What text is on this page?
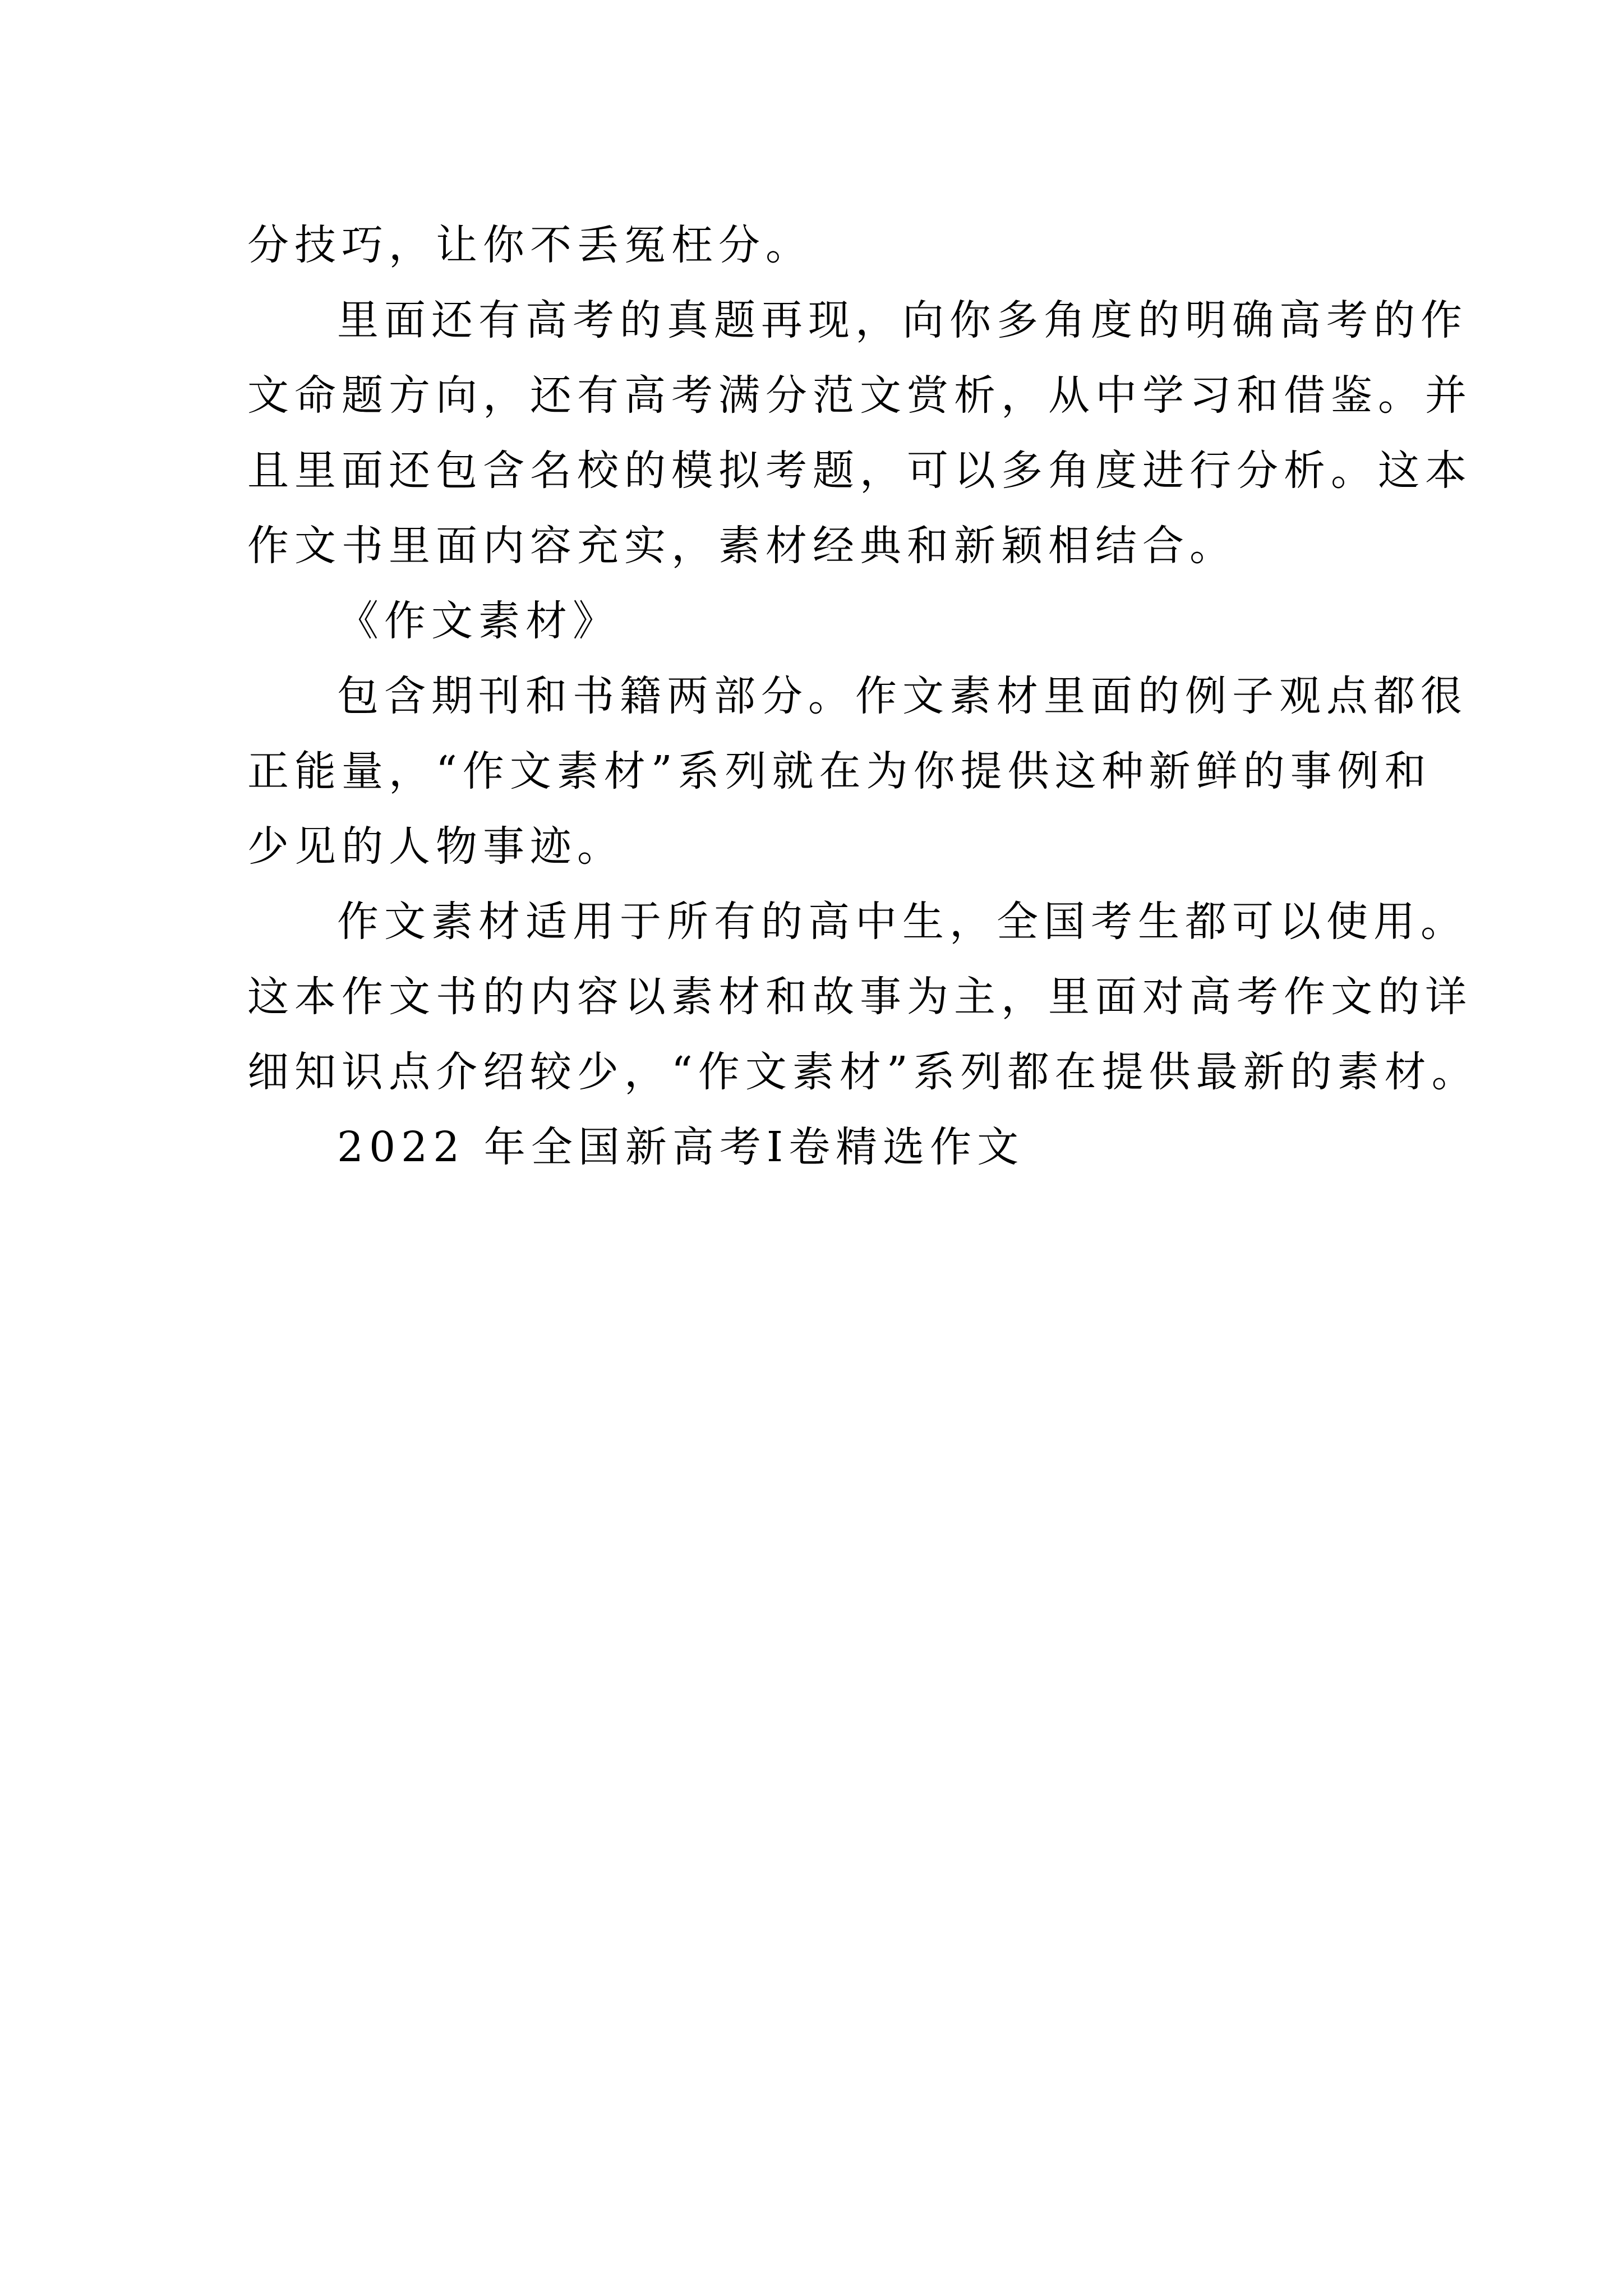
分技巧，让你不丢冤枉分。
里面还有高考的真题再现，向你多角度的明确高考的作
文命题方向，还有高考满分范文赏析，从中学习和借鉴。并
且里面还包含名校的模拟考题，可以多角度进行分析。这本
作文书里面内容充实，素材经典和新颖相结合。
《作文素材》
包含期刊和书籍两部分。作文素材里面的例子观点都很
正能量，“作文素材”系列就在为你提供这种新鲜的事例和
少见的人物事迹。
作文素材适用于所有的高中生，全国考生都可以使用。
这本作文书的内容以素材和故事为主，里面对高考作文的详
细知识点介绍较少，“作文素材”系列都在提供最新的素材。
2022 年全国新高考Ⅰ卷精选作文
